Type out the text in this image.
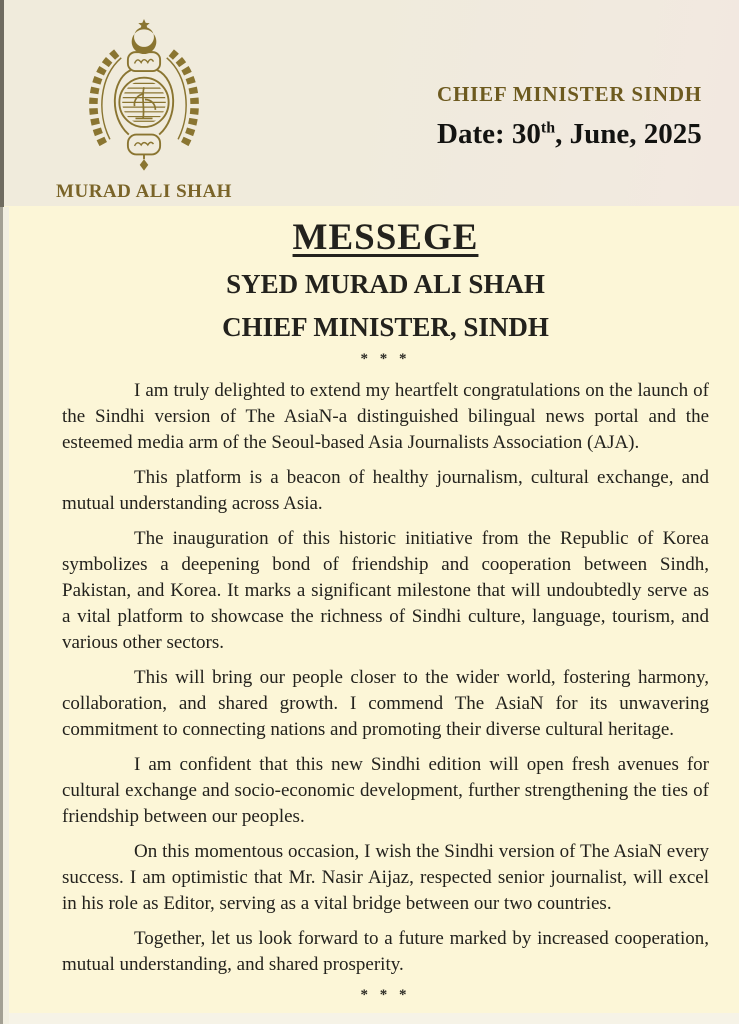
MURAD ALI SHAH
CHIEF MINISTER SINDH
Date: 30th, June, 2025
MESSEGE
SYED MURAD ALI SHAH
CHIEF MINISTER, SINDH
* * *

I am truly delighted to extend my heartfelt congratulations on the launch of the Sindhi version of The AsiaN-a distinguished bilingual news portal and the esteemed media arm of the Seoul-based Asia Journalists Association (AJA).

This platform is a beacon of healthy journalism, cultural exchange, and mutual understanding across Asia.

The inauguration of this historic initiative from the Republic of Korea symbolizes a deepening bond of friendship and cooperation between Sindh, Pakistan, and Korea. It marks a significant milestone that will undoubtedly serve as a vital platform to showcase the richness of Sindhi culture, language, tourism, and various other sectors.

This will bring our people closer to the wider world, fostering harmony, collaboration, and shared growth. I commend The AsiaN for its unwavering commitment to connecting nations and promoting their diverse cultural heritage.

I am confident that this new Sindhi edition will open fresh avenues for cultural exchange and socio-economic development, further strengthening the ties of friendship between our peoples.

On this momentous occasion, I wish the Sindhi version of The AsiaN every success. I am optimistic that Mr. Nasir Aijaz, respected senior journalist, will excel in his role as Editor, serving as a vital bridge between our two countries.

Together, let us look forward to a future marked by increased cooperation, mutual understanding, and shared prosperity.

* * *
